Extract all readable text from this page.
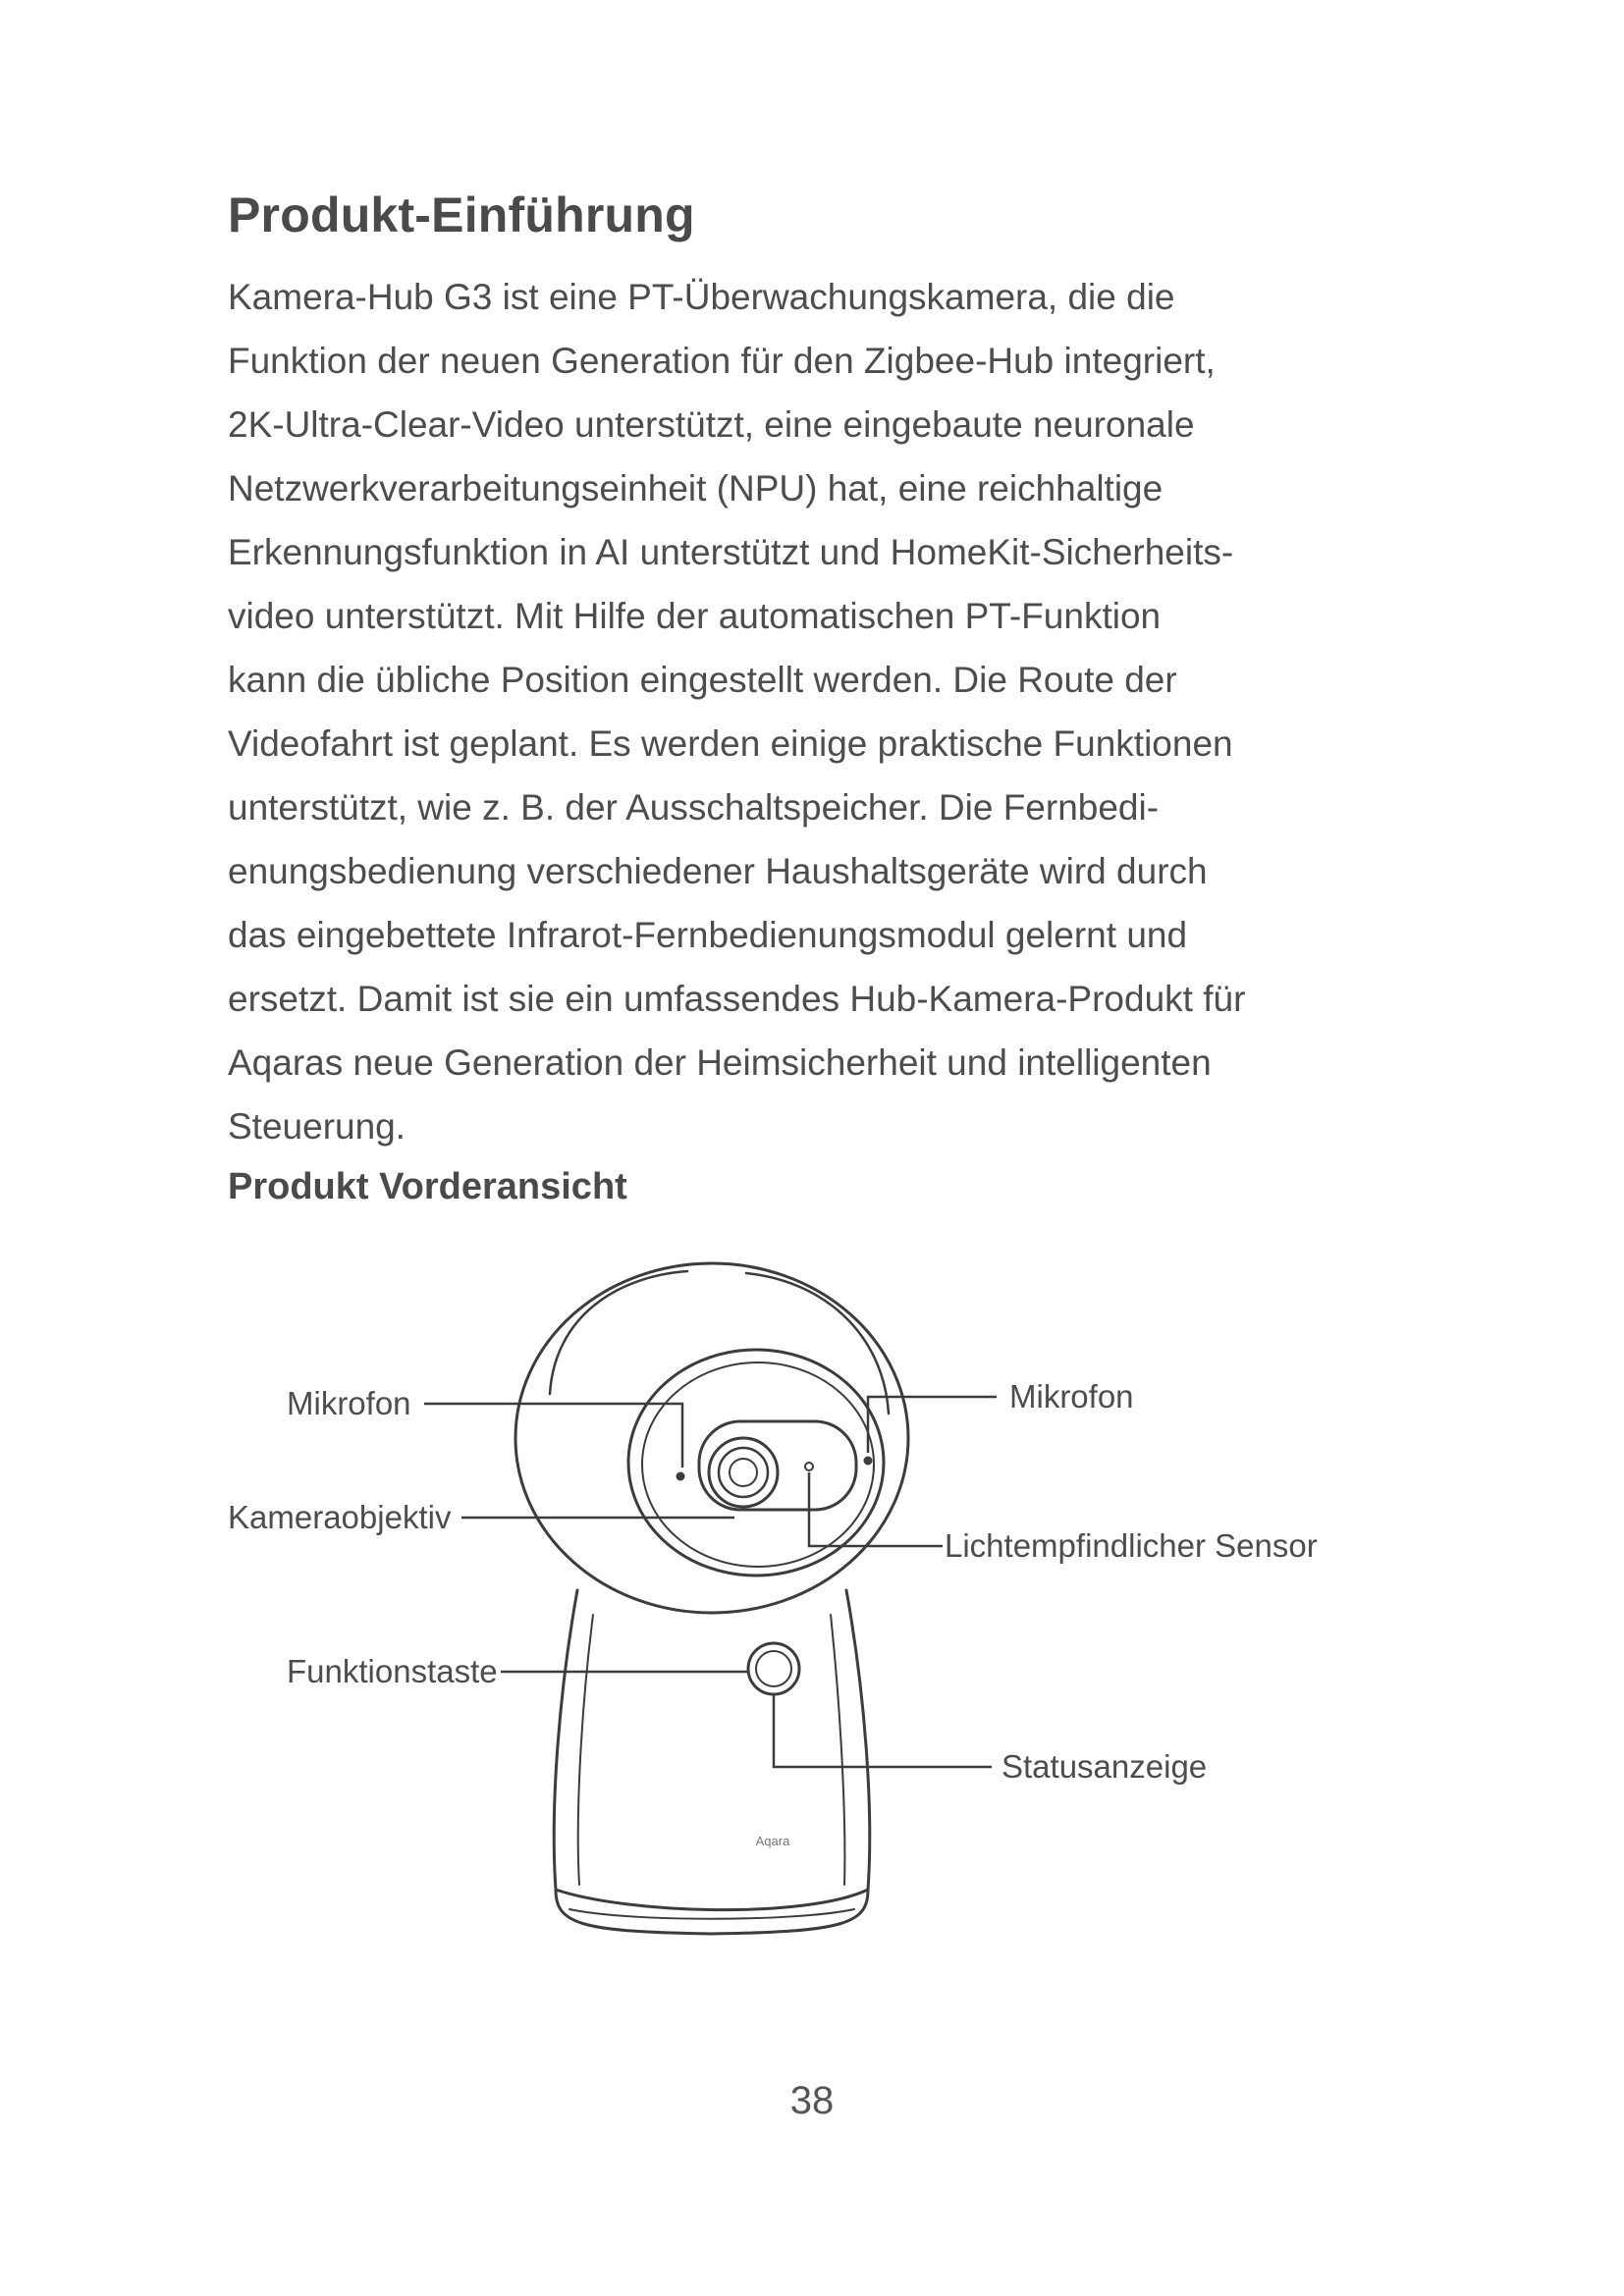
Produkt-Einführung
Kamera-Hub G3 ist eine PT-Überwachungskamera, die die
Funktion der neuen Generation für den Zigbee-Hub integriert,
2K-Ultra-Clear-Video unterstützt, eine eingebaute neuronale
Netzwerkverarbeitungseinheit (NPU) hat, eine reichhaltige
Erkennungsfunktion in AI unterstützt und HomeKit-Sicherheits-
video unterstützt. Mit Hilfe der automatischen PT-Funktion
kann die übliche Position eingestellt werden. Die Route der
Videofahrt ist geplant. Es werden einige praktische Funktionen
unterstützt, wie z. B. der Ausschaltspeicher. Die Fernbedi-
enungsbedienung verschiedener Haushaltsgeräte wird durch
das eingebettete Infrarot-Fernbedienungsmodul gelernt und
ersetzt. Damit ist sie ein umfassendes Hub-Kamera-Produkt für
Aqaras neue Generation der Heimsicherheit und intelligenten
Steuerung.
Produkt Vorderansicht
Mikrofon	Mikrofon
Kameraobjektiv
Lichtempfindlicher Sensor
Funktionstaste
Statusanzeige
Aqara
38
